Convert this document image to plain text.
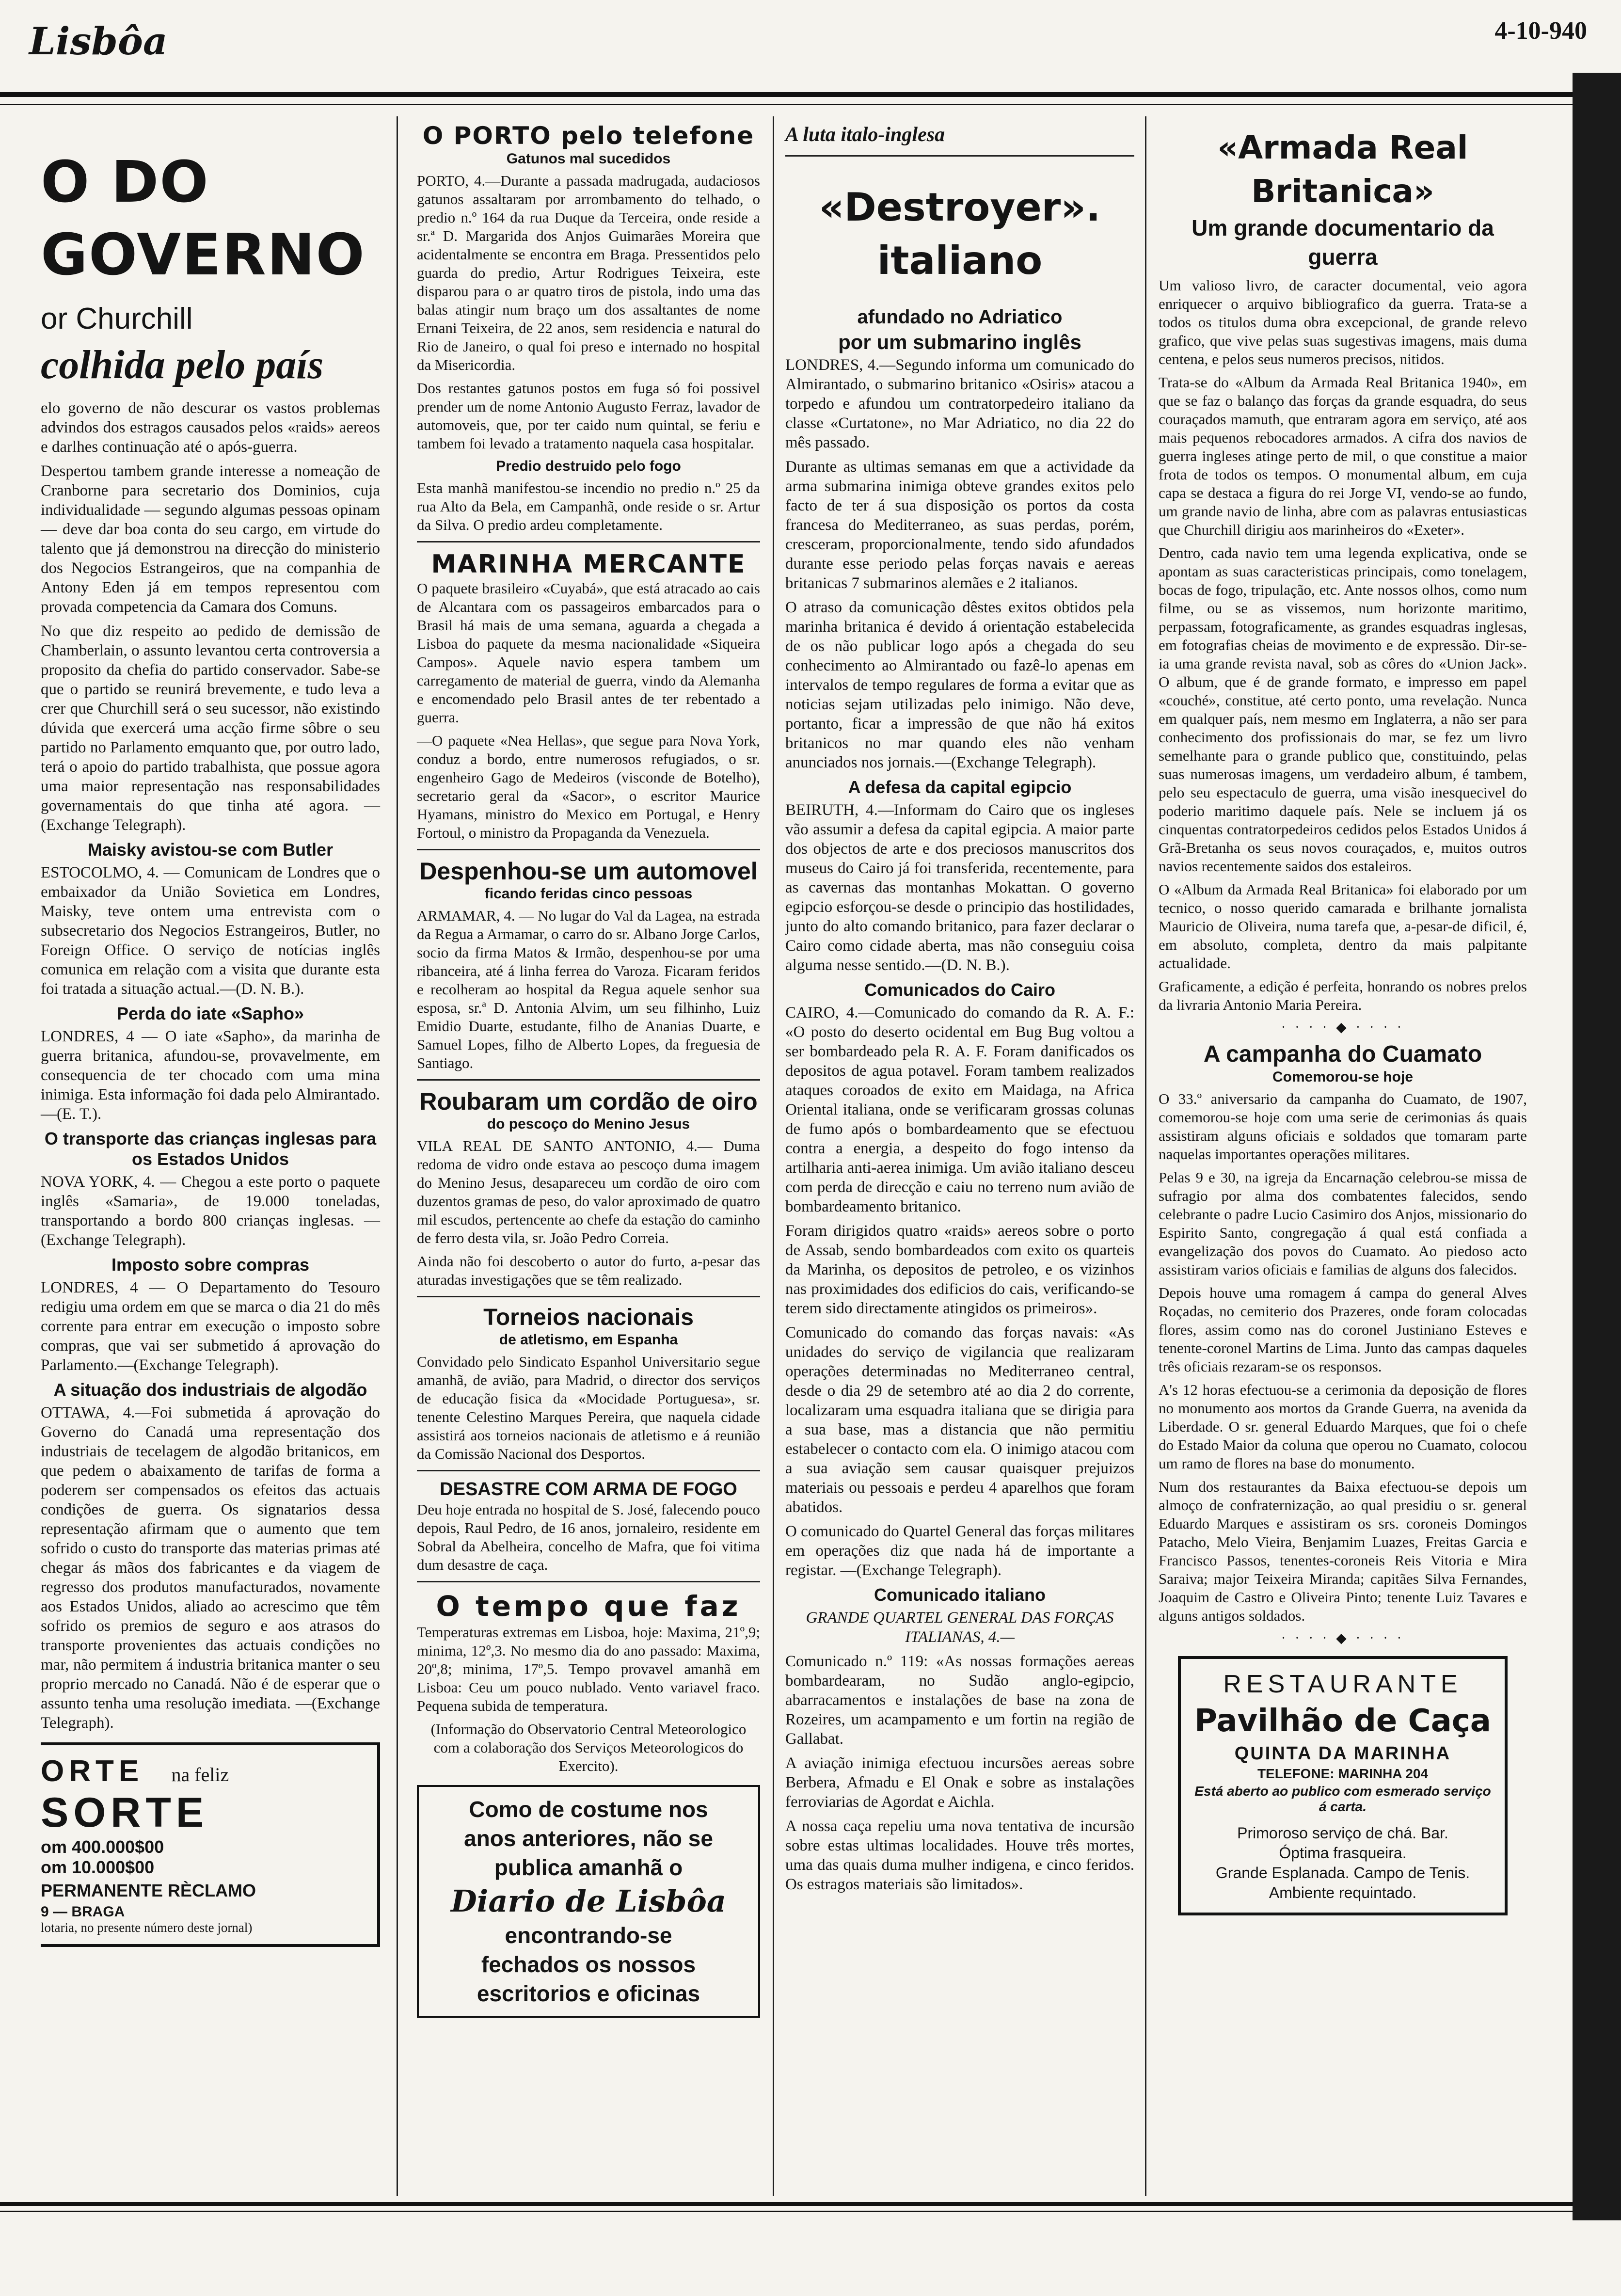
Lisbôa	4-10-940
O DO GOVERNO
or Churchill
colhida pelo país

elo governo de não descurar os vastos problemas advindos dos estragos causados pelos «raids» aereos e darlhes continuação até o após-guerra.

Despertou tambem grande interesse a nomeação de Cranborne para secretario dos Dominios, cuja individualidade — segundo algumas pessoas opinam — deve dar boa conta do seu cargo, em virtude do talento que já demonstrou na direcção do ministerio dos Negocios Estrangeiros, que na companhia de Antony Eden já em tempos representou com provada competencia da Camara dos Comuns.

No que diz respeito ao pedido de demissão de Chamberlain, o assunto levantou certa controversia a proposito da chefia do partido conservador. Sabe-se que o partido se reunirá brevemente, e tudo leva a crer que Churchill será o seu sucessor, não existindo dúvida que exercerá uma acção firme sôbre o seu partido no Parlamento emquanto que, por outro lado, terá o apoio do partido trabalhista, que possue agora uma maior representação nas responsabilidades governamentais do que tinha até agora. — (Exchange Telegraph).

Maisky avistou-se com Butler

ESTOCOLMO, 4. — Comunicam de Londres que o embaixador da União Sovietica em Londres, Maisky, teve ontem uma entrevista com o subsecretario dos Negocios Estrangeiros, Butler, no Foreign Office. O serviço de notícias inglês comunica em relação com a visita que durante esta foi tratada a situação actual.—(D. N. B.).

Perda do iate «Sapho»

LONDRES, 4 — O iate «Sapho», da marinha de guerra britanica, afundou-se, provavelmente, em consequencia de ter chocado com uma mina inimiga. Esta informação foi dada pelo Almirantado.—(E. T.).

O transporte das crianças inglesas para os Estados Unidos

NOVA YORK, 4. — Chegou a este porto o paquete inglês «Samaria», de 19.000 toneladas, transportando a bordo 800 crianças inglesas. — (Exchange Telegraph).

Imposto sobre compras

LONDRES, 4 — O Departamento do Tesouro redigiu uma ordem em que se marca o dia 21 do mês corrente para entrar em execução o imposto sobre compras, que vai ser submetido á aprovação do Parlamento.—(Exchange Telegraph).

A situação dos industriais de algodão

OTTAWA, 4.—Foi submetida á aprovação do Governo do Canadá uma representação dos industriais de tecelagem de algodão britanicos, em que pedem o abaixamento de tarifas de forma a poderem ser compensados os efeitos das actuais condições de guerra. Os signatarios dessa representação afirmam que o aumento que tem sofrido o custo do transporte das materias primas até chegar ás mãos dos fabricantes e da viagem de regresso dos produtos manufacturados, novamente aos Estados Unidos, aliado ao acrescimo que têm sofrido os premios de seguro e aos atrasos do transporte provenientes das actuais condições no mar, não permitem á industria britanica manter o seu proprio mercado no Canadá. Não é de esperar que o assunto tenha uma resolução imediata. —(Exchange Telegraph).

ORTE na feliz
SORTE
om 400.000$00
om 10.000$00
PERMANENTE RÈCLAMO
9 — BRAGA
lotaria, no presente número deste jornal)
O PORTO pelo telefone
Gatunos mal sucedidos

PORTO, 4.—Durante a passada madrugada, audaciosos gatunos assaltaram por arrombamento do telhado, o predio n.º 164 da rua Duque da Terceira, onde reside a sr.ª D. Margarida dos Anjos Guimarães Moreira que acidentalmente se encontra em Braga. Pressentidos pelo guarda do predio, Artur Rodrigues Teixeira, este disparou para o ar quatro tiros de pistola, indo uma das balas atingir num braço um dos assaltantes de nome Ernani Teixeira, de 22 anos, sem residencia e natural do Rio de Janeiro, o qual foi preso e internado no hospital da Misericordia.

Dos restantes gatunos postos em fuga só foi possivel prender um de nome Antonio Augusto Ferraz, lavador de automoveis, que, por ter caido num quintal, se feriu e tambem foi levado a tratamento naquela casa hospitalar.

Predio destruido pelo fogo

Esta manhã manifestou-se incendio no predio n.º 25 da rua Alto da Bela, em Campanhã, onde reside o sr. Artur da Silva. O predio ardeu completamente.

MARINHA MERCANTE

O paquete brasileiro «Cuyabá», que está atracado ao cais de Alcantara com os passageiros embarcados para o Brasil há mais de uma semana, aguarda a chegada a Lisboa do paquete da mesma nacionalidade «Siqueira Campos». Aquele navio espera tambem um carregamento de material de guerra, vindo da Alemanha e encomendado pelo Brasil antes de ter rebentado a guerra.

—O paquete «Nea Hellas», que segue para Nova York, conduz a bordo, entre numerosos refugiados, o sr. engenheiro Gago de Medeiros (visconde de Botelho), secretario geral da «Sacor», o escritor Maurice Hyamans, ministro do Mexico em Portugal, e Henry Fortoul, o ministro da Propaganda da Venezuela.

Despenhou-se um automovel
ficando feridas cinco pessoas

ARMAMAR, 4. — No lugar do Val da Lagea, na estrada da Regua a Armamar, o carro do sr. Albano Jorge Carlos, socio da firma Matos & Irmão, despenhou-se por uma ribanceira, até á linha ferrea do Varoza. Ficaram feridos e recolheram ao hospital da Regua aquele senhor sua esposa, sr.ª D. Antonia Alvim, um seu filhinho, Luiz Emidio Duarte, estudante, filho de Ananias Duarte, e Samuel Lopes, filho de Alberto Lopes, da freguesia de Santiago.

Roubaram um cordão de oiro
do pescoço do Menino Jesus

VILA REAL DE SANTO ANTONIO, 4.— Duma redoma de vidro onde estava ao pescoço duma imagem do Menino Jesus, desapareceu um cordão de oiro com duzentos gramas de peso, do valor aproximado de quatro mil escudos, pertencente ao chefe da estação do caminho de ferro desta vila, sr. João Pedro Correia.

Ainda não foi descoberto o autor do furto, a-pesar das aturadas investigações que se têm realizado.

Torneios nacionais
de atletismo, em Espanha

Convidado pelo Sindicato Espanhol Universitario segue amanhã, de avião, para Madrid, o director dos serviços de educação fisica da «Mocidade Portuguesa», sr. tenente Celestino Marques Pereira, que naquela cidade assistirá aos torneios nacionais de atletismo e á reunião da Comissão Nacional dos Desportos.

DESASTRE COM ARMA DE FOGO

Deu hoje entrada no hospital de S. José, falecendo pouco depois, Raul Pedro, de 16 anos, jornaleiro, residente em Sobral da Abelheira, concelho de Mafra, que foi vitima dum desastre de caça.

O tempo que faz

Temperaturas extremas em Lisboa, hoje: Maxima, 21º,9; minima, 12º,3. No mesmo dia do ano passado: Maxima, 20º,8; minima, 17º,5. Tempo provavel amanhã em Lisboa: Ceu um pouco nublado. Vento variavel fraco. Pequena subida de temperatura.

(Informação do Observatorio Central Meteorologico com a colaboração dos Serviços Meteorologicos do Exercito).

Como de costume nos
anos anteriores, não se
publica amanhã o
Diario de Lisbôa
encontrando-se
fechados os nossos
escritorios e oficinas
A luta italo-inglesa
«Destroyer». italiano
afundado no Adriatico
por um submarino inglês

LONDRES, 4.—Segundo informa um comunicado do Almirantado, o submarino britanico «Osiris» atacou a torpedo e afundou um contratorpedeiro italiano da classe «Curtatone», no Mar Adriatico, no dia 22 do mês passado.

Durante as ultimas semanas em que a actividade da arma submarina inimiga obteve grandes exitos pelo facto de ter á sua disposição os portos da costa francesa do Mediterraneo, as suas perdas, porém, cresceram, proporcionalmente, tendo sido afundados durante esse periodo pelas forças navais e aereas britanicas 7 submarinos alemães e 2 italianos.

O atraso da comunicação dêstes exitos obtidos pela marinha britanica é devido á orientação estabelecida de os não publicar logo após a chegada do seu conhecimento ao Almirantado ou fazê-lo apenas em intervalos de tempo regulares de forma a evitar que as noticias sejam utilizadas pelo inimigo. Não deve, portanto, ficar a impressão de que não há exitos britanicos no mar quando eles não venham anunciados nos jornais.—(Exchange Telegraph).

A defesa da capital egipcio

BEIRUTH, 4.—Informam do Cairo que os ingleses vão assumir a defesa da capital egipcia. A maior parte dos objectos de arte e dos preciosos manuscritos dos museus do Cairo já foi transferida, recentemente, para as cavernas das montanhas Mokattan. O governo egipcio esforçou-se desde o principio das hostilidades, junto do alto comando britanico, para fazer declarar o Cairo como cidade aberta, mas não conseguiu coisa alguma nesse sentido.—(D. N. B.).

Comunicados do Cairo

CAIRO, 4.—Comunicado do comando da R. A. F.: «O posto do deserto ocidental em Bug Bug voltou a ser bombardeado pela R. A. F. Foram danificados os depositos de agua potavel. Foram tambem realizados ataques coroados de exito em Maidaga, na Africa Oriental italiana, onde se verificaram grossas colunas de fumo após o bombardeamento que se efectuou contra a energia, a despeito do fogo intenso da artilharia anti-aerea inimiga. Um avião italiano desceu com perda de direcção e caiu no terreno num avião de bombardeamento britanico.

Foram dirigidos quatro «raids» aereos sobre o porto de Assab, sendo bombardeados com exito os quarteis da Marinha, os depositos de petroleo, e os vizinhos nas proximidades dos edificios do cais, verificando-se terem sido directamente atingidos os primeiros».

Comunicado do comando das forças navais: «As unidades do serviço de vigilancia que realizaram operações determinadas no Mediterraneo central, desde o dia 29 de setembro até ao dia 2 do corrente, localizaram uma esquadra italiana que se dirigia para a sua base, mas a distancia que não permitiu estabelecer o contacto com ela. O inimigo atacou com a sua aviação sem causar quaisquer prejuizos materiais ou pessoais e perdeu 4 aparelhos que foram abatidos.

O comunicado do Quartel General das forças militares em operações diz que nada há de importante a registar. —(Exchange Telegraph).

Comunicado italiano

GRANDE QUARTEL GENERAL DAS FORÇAS ITALIANAS, 4.—

Comunicado n.º 119: «As nossas formações aereas bombardearam, no Sudão anglo-egipcio, abarracamentos e instalações de base na zona de Rozeires, um acampamento e um fortin na região de Gallabat.

A aviação inimiga efectuou incursões aereas sobre Berbera, Afmadu e El Onak e sobre as instalações ferroviarias de Agordat e Aichla.

A nossa caça repeliu uma nova tentativa de incursão sobre estas ultimas localidades. Houve três mortes, uma das quais duma mulher indigena, e cinco feridos. Os estragos materiais são limitados».

«Armada Real Britanica»
Um grande documentario da guerra

Um valioso livro, de caracter documental, veio agora enriquecer o arquivo bibliografico da guerra. Trata-se a todos os titulos duma obra excepcional, de grande relevo grafico, que vive pelas suas sugestivas imagens, mais duma centena, e pelos seus numeros precisos, nitidos.

Trata-se do «Album da Armada Real Britanica 1940», em que se faz o balanço das forças da grande esquadra, do seus couraçados mamuth, que entraram agora em serviço, até aos mais pequenos rebocadores armados. A cifra dos navios de guerra ingleses atinge perto de mil, o que constitue a maior frota de todos os tempos. O monumental album, em cuja capa se destaca a figura do rei Jorge VI, vendo-se ao fundo, um grande navio de linha, abre com as palavras entusiasticas que Churchill dirigiu aos marinheiros do «Exeter».

Dentro, cada navio tem uma legenda explicativa, onde se apontam as suas caracteristicas principais, como tonelagem, bocas de fogo, tripulação, etc. Ante nossos olhos, como num filme, ou se as vissemos, num horizonte maritimo, perpassam, fotograficamente, as grandes esquadras inglesas, em fotografias cheias de movimento e de expressão. Dir-se-ia uma grande revista naval, sob as côres do «Union Jack». O album, que é de grande formato, e impresso em papel «couché», constitue, até certo ponto, uma revelação. Nunca em qualquer país, nem mesmo em Inglaterra, a não ser para conhecimento dos profissionais do mar, se fez um livro semelhante para o grande publico que, constituindo, pelas suas numerosas imagens, um verdadeiro album, é tambem, pelo seu espectaculo de guerra, uma visão inesquecivel do poderio maritimo daquele país. Nele se incluem já os cinquentas contratorpedeiros cedidos pelos Estados Unidos á Grã-Bretanha os seus novos couraçados, e, muitos outros navios recentemente saidos dos estaleiros.

O «Album da Armada Real Britanica» foi elaborado por um tecnico, o nosso querido camarada e brilhante jornalista Mauricio de Oliveira, numa tarefa que, a-pesar-de dificil, é, em absoluto, completa, dentro da mais palpitante actualidade.

Graficamente, a edição é perfeita, honrando os nobres prelos da livraria Antonio Maria Pereira.

· · · · ◆ · · · ·
A campanha do Cuamato
Comemorou-se hoje

O 33.º aniversario da campanha do Cuamato, de 1907, comemorou-se hoje com uma serie de cerimonias ás quais assistiram alguns oficiais e soldados que tomaram parte naquelas importantes operações militares.

Pelas 9 e 30, na igreja da Encarnação celebrou-se missa de sufragio por alma dos combatentes falecidos, sendo celebrante o padre Lucio Casimiro dos Anjos, missionario do Espirito Santo, congregação á qual está confiada a evangelização dos povos do Cuamato. Ao piedoso acto assistiram varios oficiais e familias de alguns dos falecidos.

Depois houve uma romagem á campa do general Alves Roçadas, no cemiterio dos Prazeres, onde foram colocadas flores, assim como nas do coronel Justiniano Esteves e tenente-coronel Martins de Lima. Junto das campas daqueles três oficiais rezaram-se os responsos.

A's 12 horas efectuou-se a cerimonia da deposição de flores no monumento aos mortos da Grande Guerra, na avenida da Liberdade. O sr. general Eduardo Marques, que foi o chefe do Estado Maior da coluna que operou no Cuamato, colocou um ramo de flores na base do monumento.

Num dos restaurantes da Baixa efectuou-se depois um almoço de confraternização, ao qual presidiu o sr. general Eduardo Marques e assistiram os srs. coroneis Domingos Patacho, Melo Vieira, Benjamim Luazes, Freitas Garcia e Francisco Passos, tenentes-coroneis Reis Vitoria e Mira Saraiva; major Teixeira Miranda; capitães Silva Fernandes, Joaquim de Castro e Oliveira Pinto; tenente Luiz Tavares e alguns antigos soldados.

· · · · ◆ · · · ·
RESTAURANTE
Pavilhão de Caça
QUINTA DA MARINHA
TELEFONE: MARINHA 204
Está aberto ao publico com esmerado serviço á carta.
Primoroso serviço de chá. Bar.
Óptima frasqueira.
Grande Esplanada. Campo de Tenis.
Ambiente requintado.
